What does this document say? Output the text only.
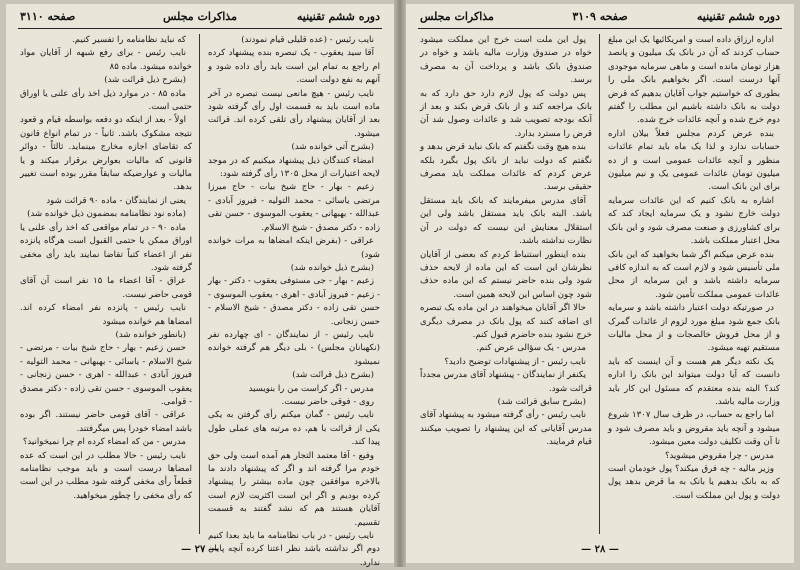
دوره ششم تقنينيه
مذاكرات مجلس
صفحه ٣١١٠

نایب رئیس - (عده قلیلی قیام نمودند)

آقا سید یعقوب - یک تبصره بنده پیشنهاد کرده ام راجع به تمام این است باید رأی داده شود و آنهم به نفع دولت است.

نایب رئیس - هیچ مانعی نیست تبصره در آخر ماده است باید به قسمت اول رأی گرفته شود بعد از آقایان پیشنهاد رأی تلقی کرده اند. قرائت میشود.

(بشرح آتی خوانده شد)

امضاء کنندگان ذیل پیشنهاد میکنیم که در موجد لایحه اعتبارات از محل ۱۳۰۵ رأی گرفته شود:

زعیم - بهار - حاج شیخ بیات - حاج میرزا مرتضی یاسائی - محمد التولیه - فیروز آبادی - عبدالله - بهبهانی - یعقوب الموسوی - حسن تقی زاده - دکتر مصدق - شیخ الاسلام.

عراقی - (بفرض اینکه امضاها به مرات خوانده شود)

(بشرح ذیل خوانده شد)

زعیم - بهار - جی مستوفی یعقوب - دکتر - بهار - زعیم - فیروز آبادی - اهری - یعقوب الموسوی - حسن تقی زاده - دکتر مصدق - شیخ الاسلام - حسن زنجانی.

نایب رئیس - از نمایندگان - ای چهارده نفر (نکهبانان مجلس) - بلی دیگر هم گرفته خوانده نمیشود

(بشرح ذیل قرائت شد)

مدرس - اگر کراست من را بنویسید

روی - فوقی حاضر نیست.

نایب رئیس - گمان میکنم رأی گرفتن به یکی یکی از قرائت با هم، ده مرتبه های عملی طول پیدا کند.

وفیع - آقا معتمد التجار هم آمده است ولی حق خودم مرا گرفته اند و اگر که پیشنهاد دادند ما بالاخره موافقین چون ماده بیشتر را پیشنهاد کرده بودیم و اگر این است اکثریت لازم است آقایان هستند هم که نشد گفتند به قسمت تقسیم.

نایب رئیس - در باب نظامنامه ما باید بعدا کنیم دوم اگر نداشته باشد نظر اعتنا کرده آنچه پایان ندارد.

که نباید نظامنامه را تفسیر کنیم.

نایب رئیس - برای رفع شبهه از آقایان مواد خوانده میشود. ماده ۸۵

(بشرح ذیل قرائت شد)

ماده ۸۵ - در موارد ذیل اخذ رأی علنی یا اوراق حتمی است.

اولاً - بعد از اینکه دو دفعه بواسطه قیام و قعود نتیجه مشکوک باشد. ثانیاً - در تمام انواع قانون که تقاضای اجازه مخارج مینماید. ثالثاً - دوائر قانونی که مالیات بعوارض برقرار میکند و یا مالیات و عوارضیکه سابقاً مقرر بوده است تغییر بدهد.

یعنی از نمایندگان - ماده ۹۰ قرائت شود

(ماده نود نظامنامه بمضمون ذیل خوانده شد)

ماده ۹۰ - در تمام مواقعی که اخذ رأی علنی یا اوراق ممکن یا حتمی القبول است هرگاه پانزده نفر از اعضاء کتباً تقاضا نمایند باید رأی مخفی گرفته شود.

عراق - آقا اعضاء ما ۱۵ نفر است آن آقای قومی حاضر نیست.

نایب رئیس - پانزده نفر امضاء کرده اند. امضاها هم خوانده میشود

(بانطور خوانده شد)

حسن زعیم - بهار - حاج شیخ بیات - مرتضی - شیخ الاسلام - یاسائی - بهبهانی - محمد التولیه - فیروز آبادی - عبدالله - اهری - حسن زنجانی - یعقوب الموسوی - حسن تقی زاده - دکتر مصدق - قوامی.

عراقی - آقای قومی حاضر نیستند. اگر بوده باشد امضاء خودرا پس میگرفتند.

مدرس - من که امضاء کرده ام چرا نمیخوانید؟

نایب رئیس - حالا مطلب در این است که عده امضاها درست است و باید موجب نظامنامه قطعاً رأی مخفی گرفته شود مطلب در این است که رأی مخفی را چطور میخواهید.

— ۲۷ —
دوره ششم تقنينيه
صفحه ٣١٠٩
مذاكرات مجلس

اداره ارزاق داده است و امریکائیها یک این مبلغ حساب کردند که آن در بانک یک میلیون و پانصد هزار تومان مانده است و ماهی سرمایه موجودی آنها درست است. اگر بخواهیم بانک ملی را بطوری که خواستیم جواب آقایان بدهیم که قرض دولت به بانک داشته باشیم این مطلب را گفتم دوم خرج شده و آنچه عائدات خرج شده.

بنده عرض کردم مجلس فعلاً بیلان اداره حسابات ندارد و لذا یک ماه باید تمام عائدات منظور و آنچه عائدات عمومی است و از ده میلیون تومان عائدات عمومی یک و نیم میلیون برای این بانک است.

اشاره به بانک کنیم که این عائدات سرمایه دولت خارج نشود و یک سرمایه ایجاد کند که برای کشاورزی و صنعت مصرف شود و این بانک محل اعتبار مملکت باشد.

بنده عرض میکنم اگر شما بخواهید که این بانک ملی تأسیس شود و لازم است که به اندازه کافی سرمایه داشته باشد و این سرمایه از محل عائدات عمومی مملکت تأمین شود.

در صورتیکه دولت اعتبار داشته باشد و سرمایه بانک جمع شود مبلغ مورد لزوم از عائدات گمرک و از محل فروش خالصجات و از محل مالیات مستقیم تهیه میشود.

یک نکته دیگر هم هست و آن اینست که باید دانست که آیا دولت میتواند این بانک را اداره کند؟ البته بنده معتقدم که مسئول این کار باید وزارت مالیه باشد.

اما راجع به حساب، در ظرف سال ۱۳۰۷ شروع میشود و آنچه باید مقروض و باید مصرف شود و تا آن وقت تکلیف دولت معین میشود.

مدرس - چرا مقروض میشوید؟

وزیر مالیه - چه فرق میکند؟ پول خودمان است که به بانک بدهیم یا بانک به ما قرض بدهد پول دولت و پول این مملکت است.

پول این ملت است خرج این مملکت میشود خواه در صندوق وزارت مالیه باشد و خواه در صندوق بانک باشد و پرداخت آن به مصرف برسد.

پس دولت که پول لازم دارد حق دارد که به بانک مراجعه کند و از بانک قرض بکند و بعد از آنکه بودجه تصویب شد و عائدات وصول شد آن قرض را مسترد بدارد.

بنده هیچ وقت نگفتم که بانک نباید قرض بدهد و نگفتم که دولت نباید از بانک پول بگیرد بلکه عرض کردم که عائدات مملکت باید مصرف حقیقی برسد.

آقای مدرس میفرمایند که بانک باید مستقل باشد. البته بانک باید مستقل باشد ولی این استقلال معنایش این نیست که دولت در آن نظارت نداشته باشد.

بنده اینطور استنباط کردم که بعضی از آقایان نظرشان این است که این ماده از لایحه حذف شود ولی بنده حاضر نیستم که این ماده حذف شود چون اساس این لایحه همین است.

حالا اگر آقایان میخواهند در این ماده یک تبصره ای اضافه کنند که پول بانک در مصرف دیگری خرج نشود بنده حاضرم قبول کنم.

مدرس - یک سؤالی عرض کنم.

نایب رئیس - از پیشنهادات توضیح دادید؟

یکنفر از نمایندگان - پیشنهاد آقای مدرس مجدداً قرائت شود.

(بشرح سابق قرائت شد)

نایب رئیس - رأی گرفته میشود به پیشنهاد آقای مدرس آقایانی که این پیشنهاد را تصویب میکنند قیام فرمایند.

— ۲۸ —
